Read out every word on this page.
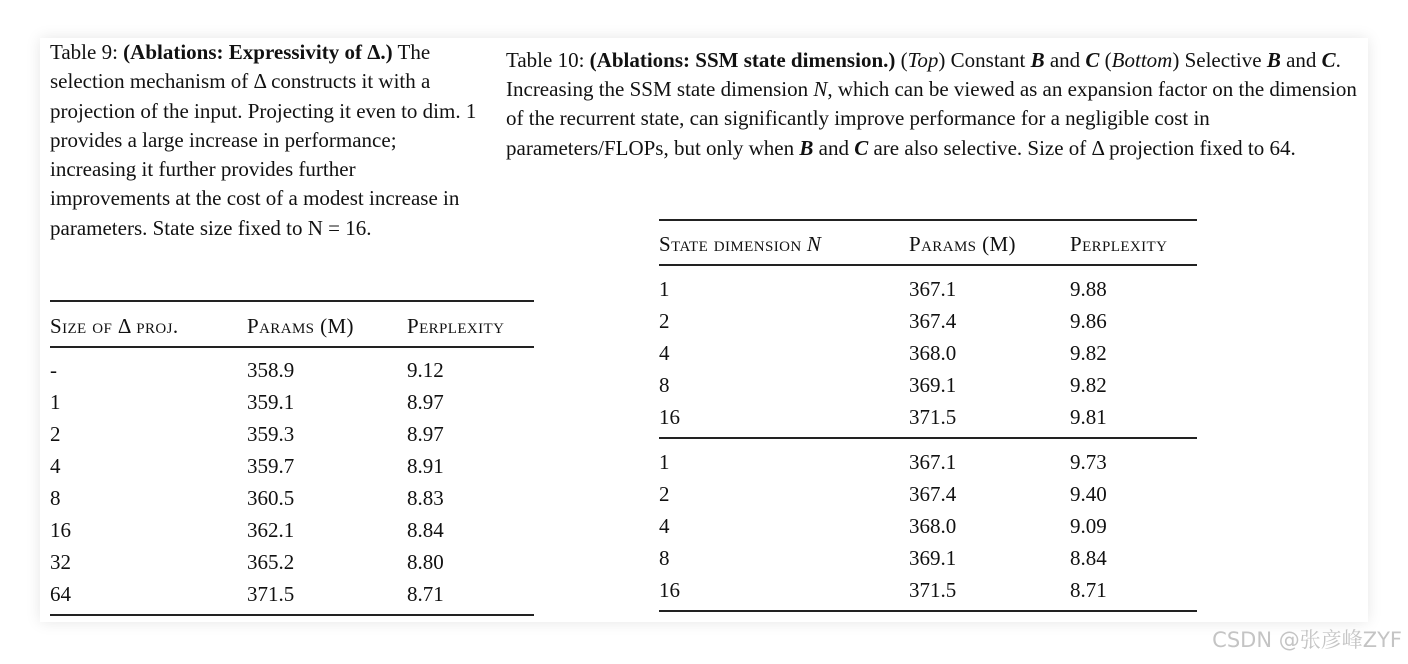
Table 9: (Ablations: Expressivity of Δ.) The selection mechanism of Δ constructs it with a projection of the input. Projecting it even to dim. 1 provides a large increase in performance; increasing it further provides further improvements at the cost of a modest increase in parameters. State size fixed to N = 16.
Size of Δ proj.	Params (M)	Perplexity
-	358.9	9.12
1	359.1	8.97
2	359.3	8.97
4	359.7	8.91
8	360.5	8.83
16	362.1	8.84
32	365.2	8.80
64	371.5	8.71
Table 10: (Ablations: SSM state dimension.) (Top) Constant B and C (Bottom) Selective B and C. Increasing the SSM state dimension N, which can be viewed as an expansion factor on the dimension of the recurrent state, can significantly improve performance for a negligible cost in parameters/FLOPs, but only when B and C are also selective. Size of Δ projection fixed to 64.
State dimension N	Params (M)	Perplexity
1	367.1	9.88
2	367.4	9.86
4	368.0	9.82
8	369.1	9.82
16	371.5	9.81
1	367.1	9.73
2	367.4	9.40
4	368.0	9.09
8	369.1	8.84
16	371.5	8.71
CSDN @张彦峰ZYF
